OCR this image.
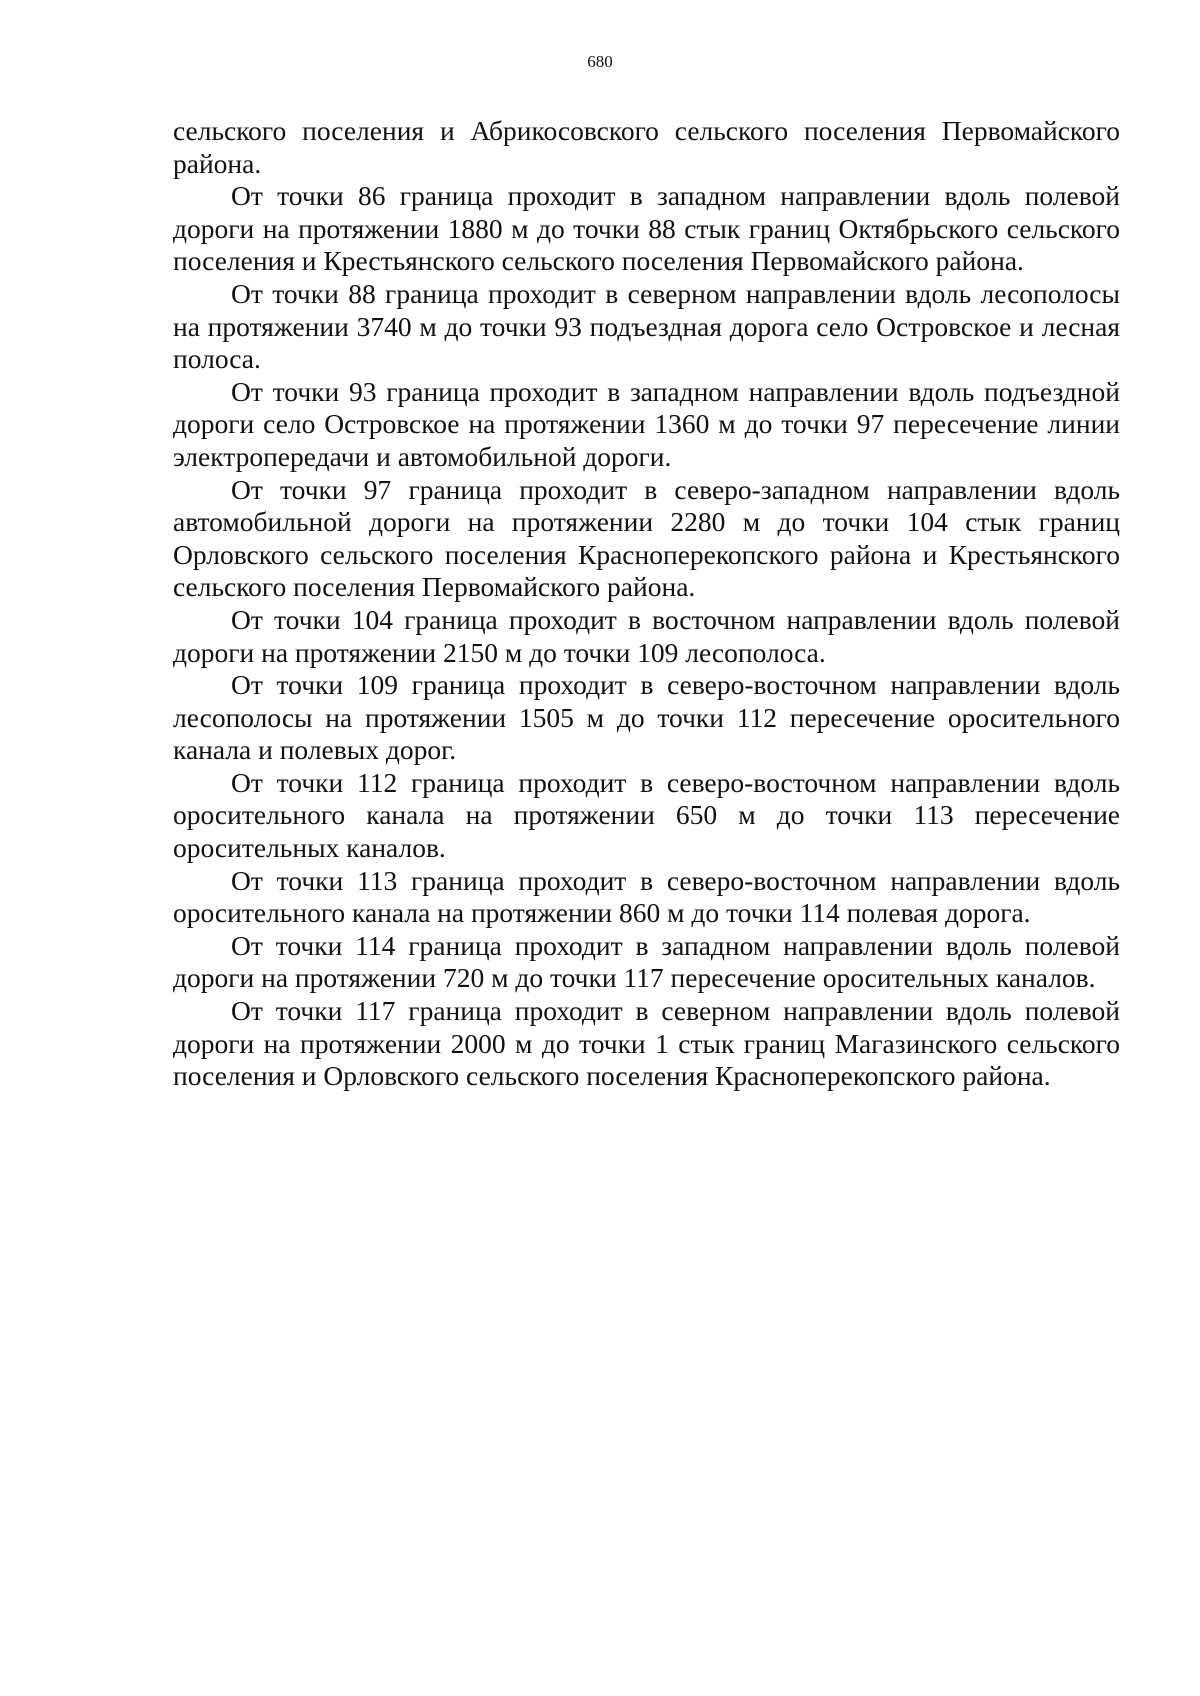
680

сельского поселения и Абрикосовского сельского поселения Первомайского района.

От точки 86 граница проходит в западном направлении вдоль полевой дороги на протяжении 1880 м до точки 88 стык границ Октябрьского сельского поселения и Крестьянского сельского поселения Первомайского района.

От точки 88 граница проходит в северном направлении вдоль лесополосы на протяжении 3740 м до точки 93 подъездная дорога село Островское и лесная полоса.

От точки 93 граница проходит в западном направлении вдоль подъездной дороги село Островское на протяжении 1360 м до точки 97 пересечение линии электропередачи и автомобильной дороги.

От точки 97 граница проходит в северо-западном направлении вдоль автомобильной дороги на протяжении 2280 м до точки 104 стык границ Орловского сельского поселения Красноперекопского района и Крестьянского сельского поселения Первомайского района.

От точки 104 граница проходит в восточном направлении вдоль полевой дороги на протяжении 2150 м до точки 109 лесополоса.

От точки 109 граница проходит в северо-восточном направлении вдоль лесополосы на протяжении 1505 м до точки 112 пересечение оросительного канала и полевых дорог.

От точки 112 граница проходит в северо-восточном направлении вдоль оросительного канала на протяжении 650 м до точки 113 пересечение оросительных каналов.

От точки 113 граница проходит в северо-восточном направлении вдоль оросительного канала на протяжении 860 м до точки 114 полевая дорога.

От точки 114 граница проходит в западном направлении вдоль полевой дороги на протяжении 720 м до точки 117 пересечение оросительных каналов.

От точки 117 граница проходит в северном направлении вдоль полевой дороги на протяжении 2000 м до точки 1 стык границ Магазинского сельского поселения и Орловского сельского поселения Красноперекопского района.
